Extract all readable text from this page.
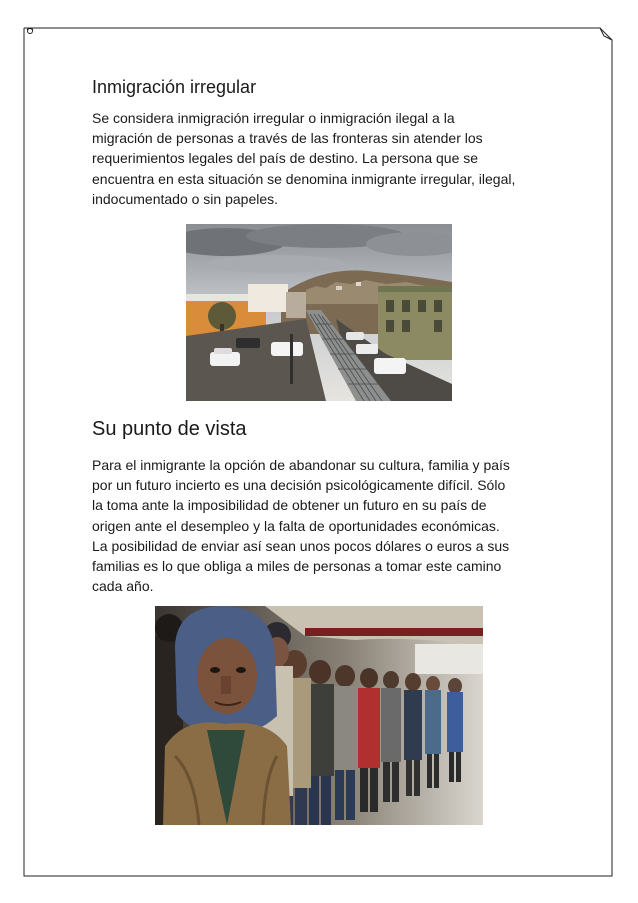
Inmigración irregular

Se considera inmigración irregular o inmigración ilegal a la
migración de personas a través de las fronteras sin atender los
requerimientos legales del país de destino. La persona que se
encuentra en esta situación se denomina inmigrante irregular, ilegal,
indocumentado o sin papeles.

Su punto de vista

Para el inmigrante la opción de abandonar su cultura, familia y país
por un futuro incierto es una decisión psicológicamente difícil. Sólo
la toma ante la imposibilidad de obtener un futuro en su país de
origen ante el desempleo y la falta de oportunidades económicas.
La posibilidad de enviar así sean unos pocos dólares o euros a sus
familias es lo que obliga a miles de personas a tomar este camino
cada año.
